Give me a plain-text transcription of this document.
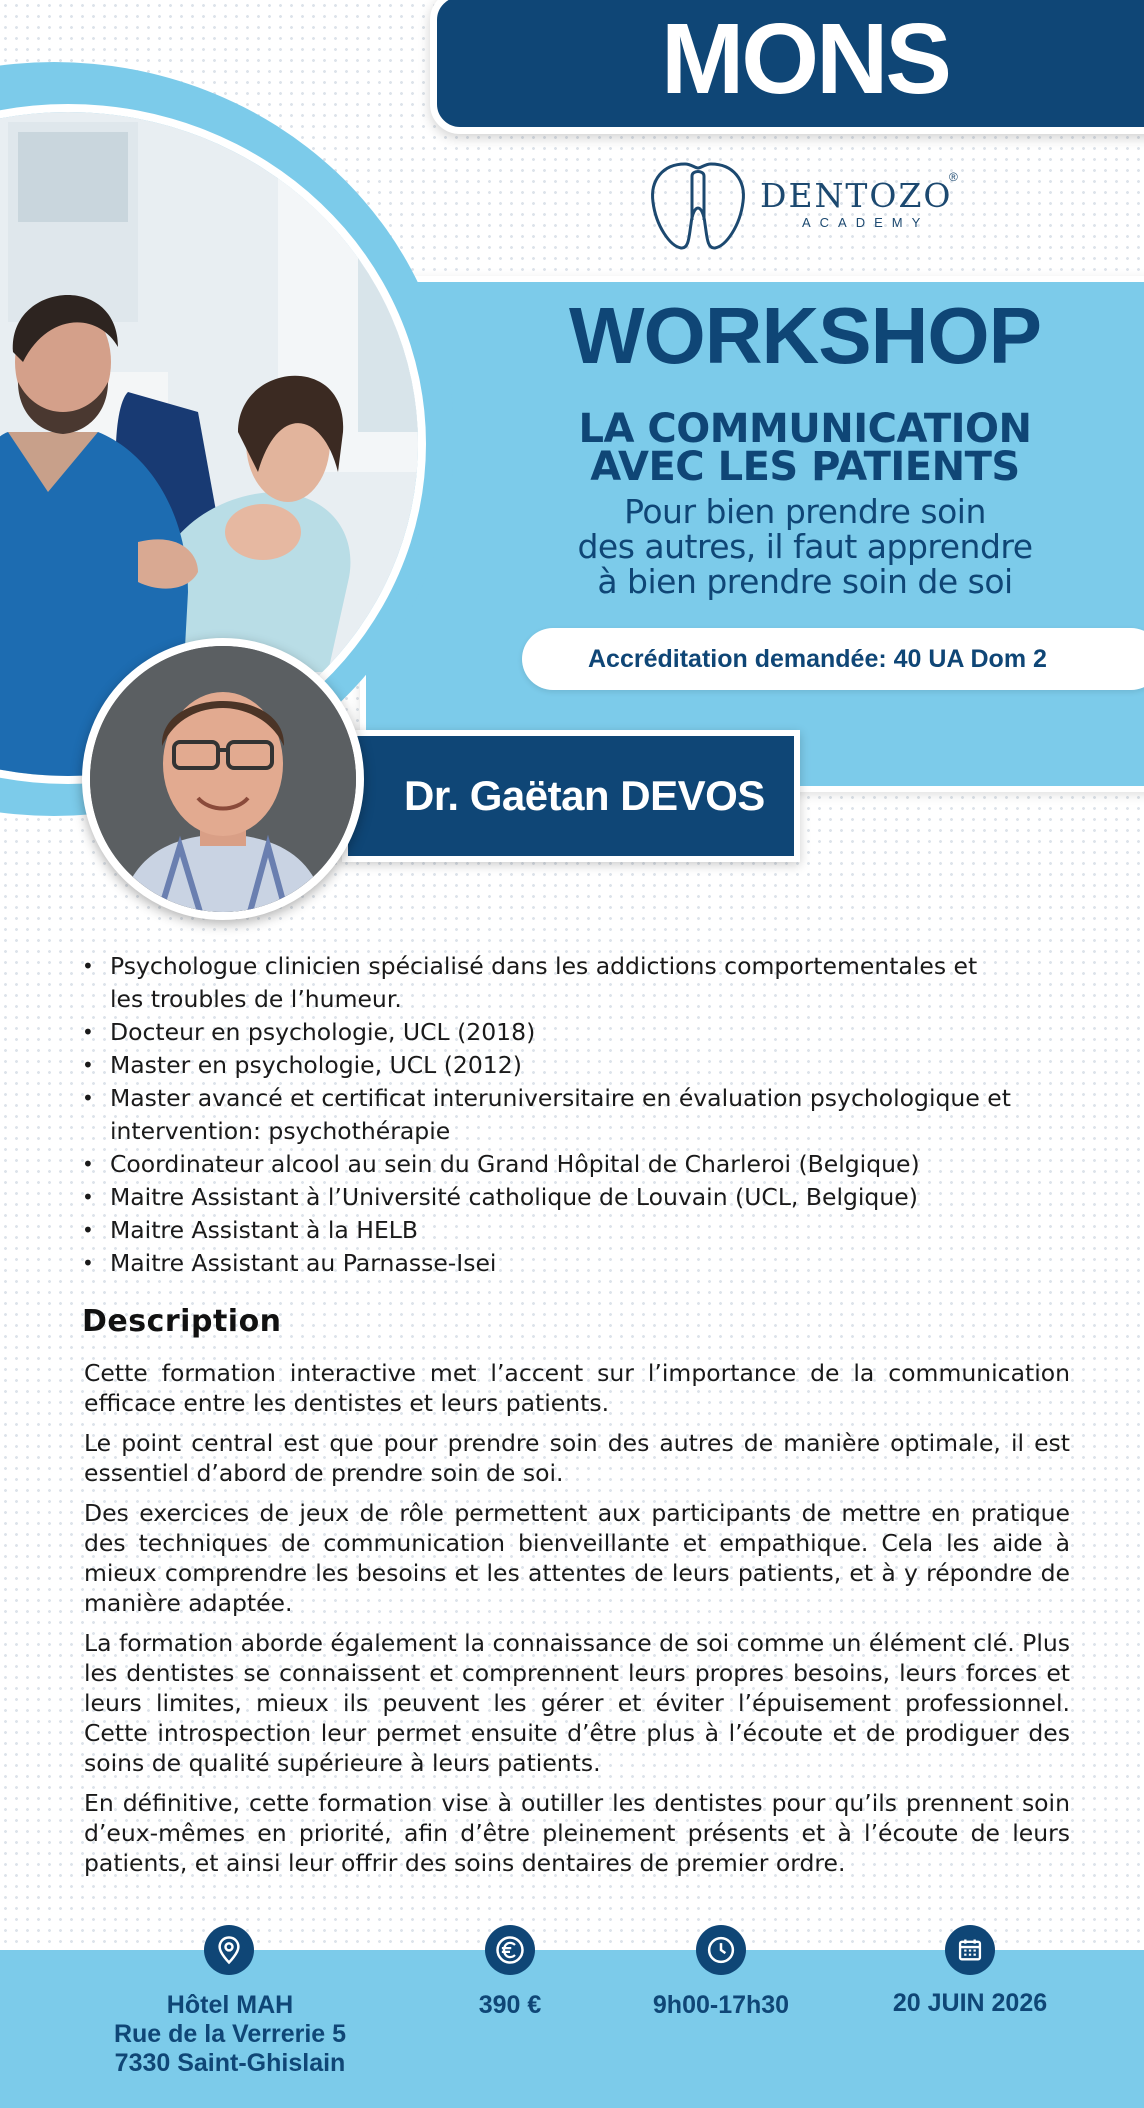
MONS
DENTOZO
®
ACADEMY
WORKSHOP
LA COMMUNICATION
AVEC LES PATIENTS
Pour bien prendre soin
des autres, il faut apprendre
à bien prendre soin de soi
Accréditation demandée: 40 UA Dom 2
Dr. Gaëtan DEVOS
• Psychologue clinicien spécialisé dans les addictions comportementales et
les troubles de l’humeur.
• Docteur en psychologie, UCL (2018)
• Master en psychologie, UCL (2012)
• Master avancé et certificat interuniversitaire en évaluation psychologique et
intervention: psychothérapie
• Coordinateur alcool au sein du Grand Hôpital de Charleroi (Belgique)
• Maitre Assistant à l’Université catholique de Louvain (UCL, Belgique)
• Maitre Assistant à la HELB
• Maitre Assistant au Parnasse-Isei
Description

Cette formation interactive met l’accent sur l’importance de la communication efficace entre les dentistes et leurs patients.

Le point central est que pour prendre soin des autres de manière optimale, il est essentiel d’abord de prendre soin de soi.

Des exercices de jeux de rôle permettent aux participants de mettre en pratique des techniques de communication bienveillante et empathique. Cela les aide à mieux comprendre les besoins et les attentes de leurs patients, et à y répondre de manière adaptée.

La formation aborde également la connaissance de soi comme un élément clé. Plus les dentistes se connaissent et comprennent leurs propres besoins, leurs forces et leurs limites, mieux ils peuvent les gérer et éviter l’épuisement professionnel. Cette introspection leur permet ensuite d’être plus à l’écoute et de prodiguer des soins de qualité supérieure à leurs patients.

En définitive, cette formation vise à outiller les dentistes pour qu’ils prennent soin d’eux-mêmes en priorité, afin d’être pleinement présents et à l’écoute de leurs patients, et ainsi leur offrir des soins dentaires de premier ordre.

Hôtel MAH
Rue de la Verrerie 5
7330 Saint-Ghislain
390 €	9h00-17h30	20 JUIN 2026
